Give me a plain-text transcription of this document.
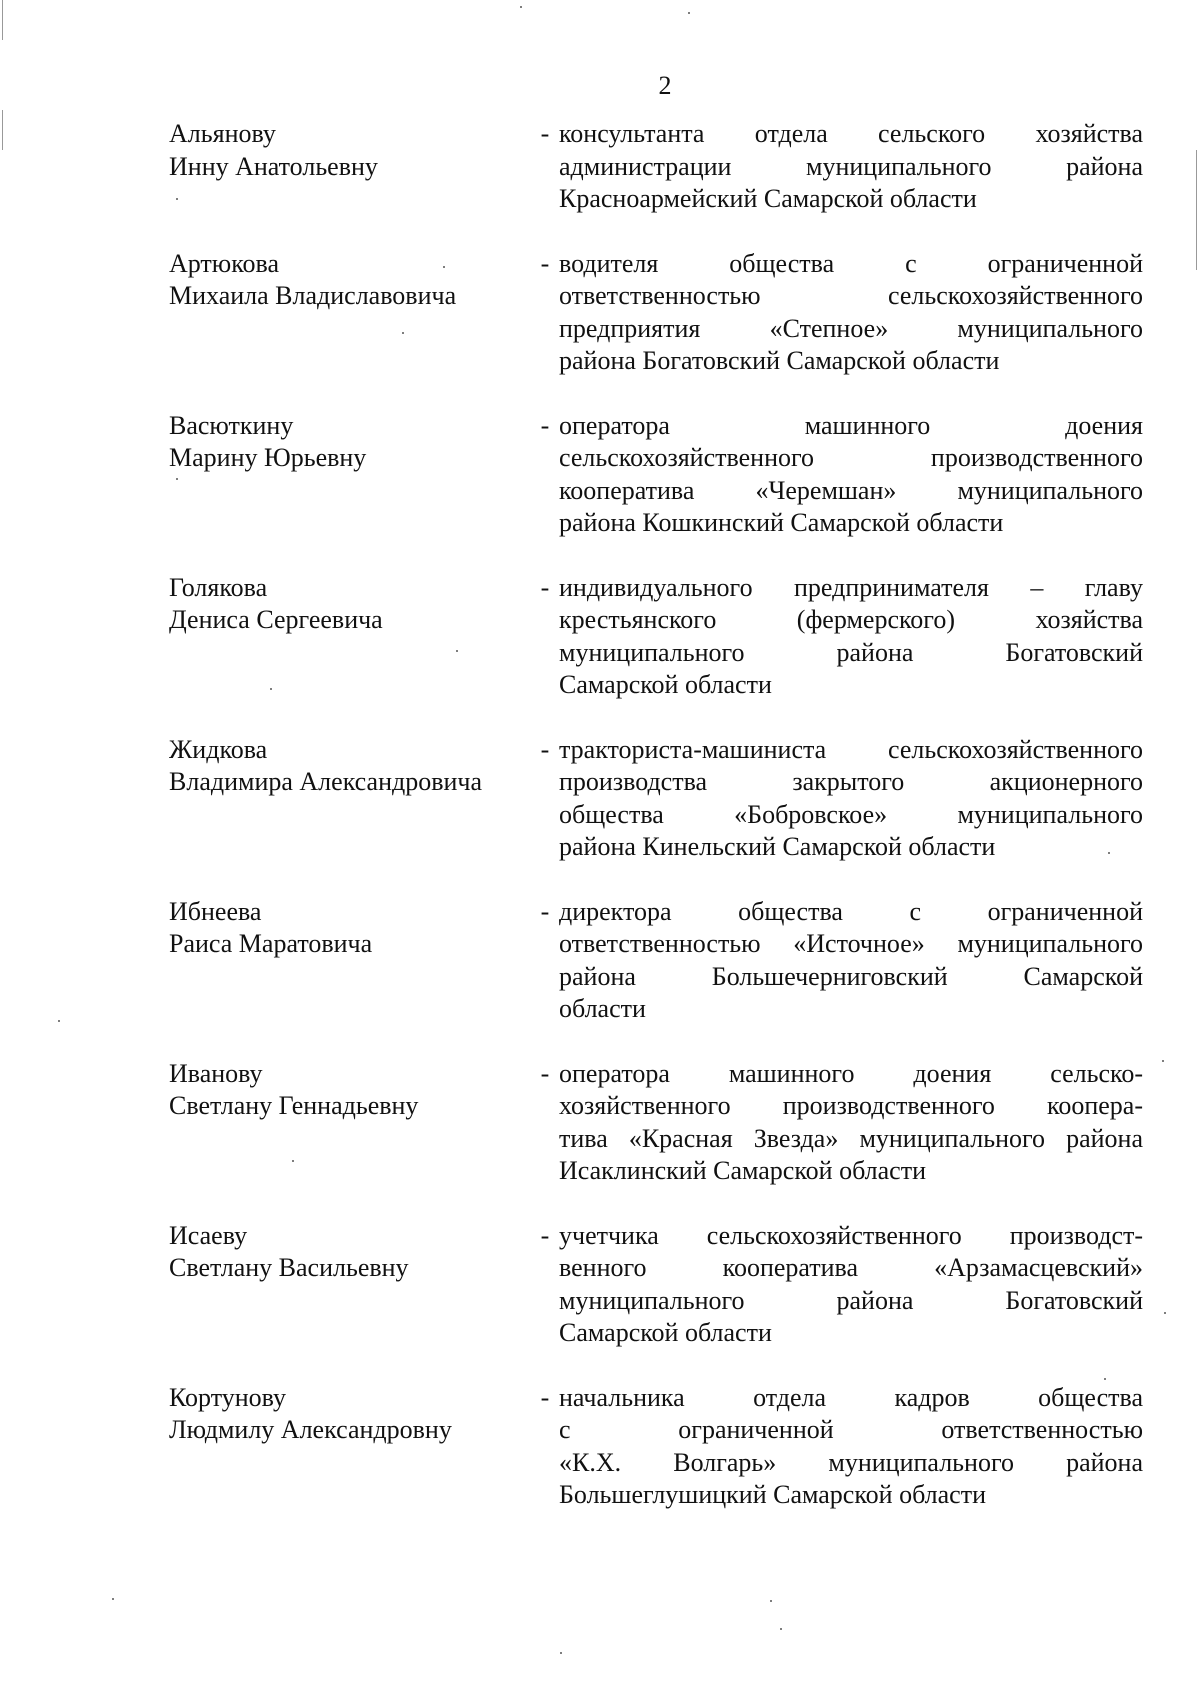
2
Альянову
Инну Анатольевну
- консультанта отдела сельского хозяйства
администрации муниципального района
Красноармейский Самарской области
Артюкова
Михаила Владиславовича
- водителя общества с ограниченной
ответственностью сельскохозяйственного
предприятия «Степное» муниципального
района Богатовский Самарской области
Васюткину
Марину Юрьевну
- оператора машинного доения
сельскохозяйственного производственного
кооператива «Черемшан» муниципального
района Кошкинский Самарской области
Голякова
Дениса Сергеевича
- индивидуального предпринимателя – главу
крестьянского (фермерского) хозяйства
муниципального района Богатовский
Самарской области
Жидкова
Владимира Александровича
- тракториста-машиниста сельскохозяйственного
производства закрытого акционерного
общества «Бобровское» муниципального
района Кинельский Самарской области
Ибнеева
Раиса Маратовича
- директора общества с ограниченной
ответственностью «Источное» муниципального
района Большечерниговский Самарской
области
Иванову
Светлану Геннадьевну
- оператора машинного доения сельско-
хозяйственного производственного коопера-
тива «Красная Звезда» муниципального района
Исаклинский Самарской области
Исаеву
Светлану Васильевну
- учетчика сельскохозяйственного производст-
венного кооператива «Арзамасцевский»
муниципального района Богатовский
Самарской области
Кортунову
Людмилу Александровну
- начальника отдела кадров общества
с ограниченной ответственностью
«К.Х. Волгарь» муниципального района
Большеглушицкий Самарской области
